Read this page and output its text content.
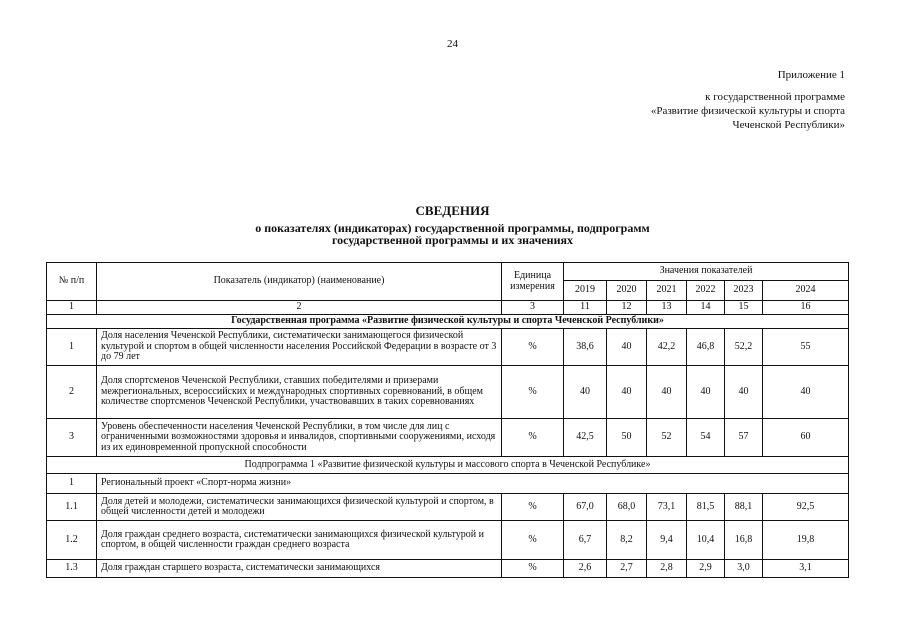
24
Приложение 1
к государственной программе
«Развитие физической культуры и спорта
Чеченской Республики»
СВЕДЕНИЯ
о показателях (индикаторах) государственной программы, подпрограмм
государственной программы и их значениях
№ п/п	Показатель (индикатор) (наименование)	Единица измерения	Значения показателей					
			2019	2020	2021	2022	2023	2024
1	2	3	11	12	13	14	15	16
Государственная программа «Развитие физической культуры и спорта Чеченской Республики»								
1	Доля населения Чеченской Республики, систематически занимающегося физической культурой и спортом в общей численности населения Российской Федерации в возрасте от 3 до 79 лет	%	38,6	40	42,2	46,8	52,2	55
2	Доля спортсменов Чеченской Республики, ставших победителями и призерами межрегиональных, всероссийских и международных спортивных соревнований, в общем количестве спортсменов Чеченской Республики, участвовавших в таких соревнованиях	%	40	40	40	40	40	40
3	Уровень обеспеченности населения Чеченской Республики, в том числе для лиц с ограниченными возможностями здоровья и инвалидов, спортивными сооружениями, исходя из их единовременной пропускной способности	%	42,5	50	52	54	57	60
Подпрограмма 1 «Развитие физической культуры и массового спорта в Чеченской Республике»								
1	Региональный проект «Спорт-норма жизни»							
1.1	Доля детей и молодежи, систематически занимающихся физической культурой и спортом, в общей численности детей и молодежи	%	67,0	68,0	73,1	81,5	88,1	92,5
1.2	Доля граждан среднего возраста, систематически занимающихся физической культурой и спортом, в общей численности граждан среднего возраста	%	6,7	8,2	9,4	10,4	16,8	19,8
1.3	Доля граждан старшего возраста, систематически занимающихся	%	2,6	2,7	2,8	2,9	3,0	3,1
